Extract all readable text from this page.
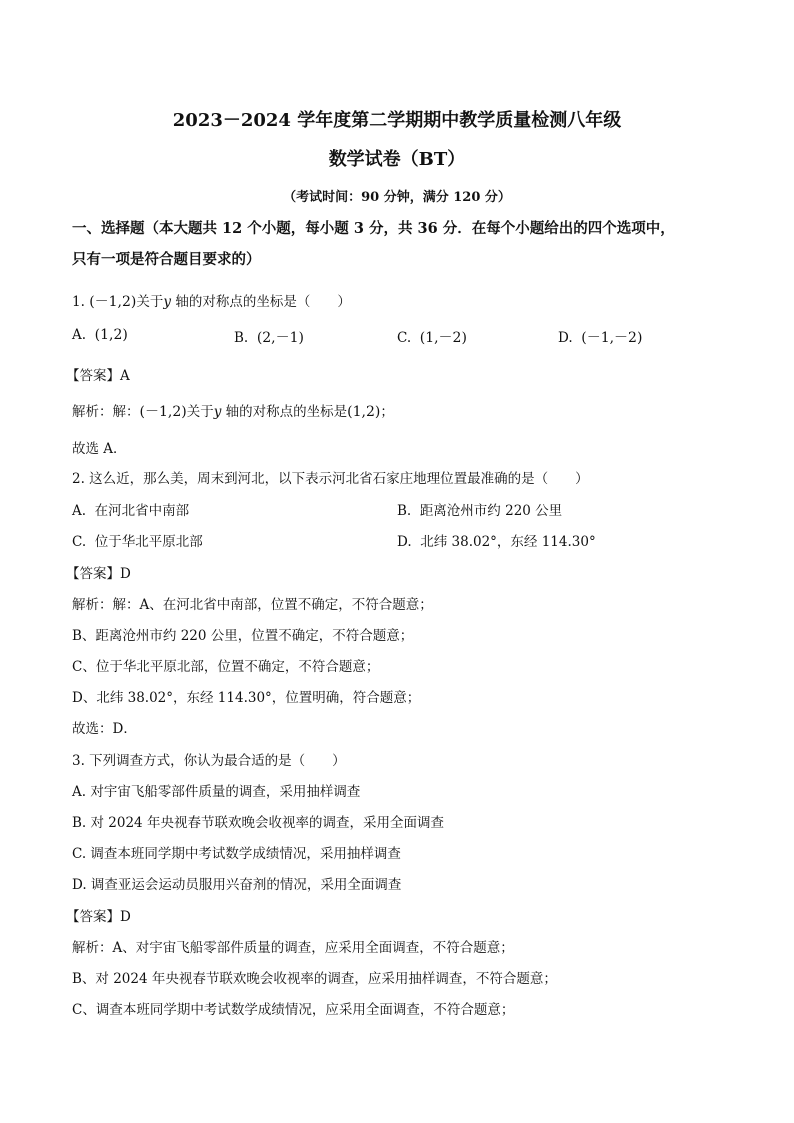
2023－2024 学年度第二学期期中教学质量检测八年级
数学试卷（BT）
（考试时间：90 分钟，满分 120 分）
一、选择题（本大题共 12 个小题，每小题 3 分，共 36 分．在每个小题给出的四个选项中，
只有一项是符合题目要求的）
1. (－1,2)关于y 轴的对称点的坐标是（　　）
A. (1,2)	B. (2,－1)	C. (1,－2)	D. (－1,－2)
【答案】A
解析：解：(－1,2)关于y 轴的对称点的坐标是(1,2)；
故选 A．
2. 这么近，那么美，周末到河北，以下表示河北省石家庄地理位置最准确的是（　　）
A. 在河北省中南部	B. 距离沧州市约 220 公里
C. 位于华北平原北部	D. 北纬 38.02°，东经 114.30°
【答案】D
解析：解：A、在河北省中南部，位置不确定，不符合题意；
B、距离沧州市约 220 公里，位置不确定，不符合题意；
C、位于华北平原北部，位置不确定，不符合题意；
D、北纬 38.02°，东经 114.30°，位置明确，符合题意；
故选：D．
3. 下列调查方式，你认为最合适的是（　　）
A. 对宇宙飞船零部件质量的调查，采用抽样调查
B. 对 2024 年央视春节联欢晚会收视率的调查，采用全面调查
C. 调查本班同学期中考试数学成绩情况，采用抽样调查
D. 调查亚运会运动员服用兴奋剂的情况，采用全面调查
【答案】D
解析：A、对宇宙飞船零部件质量的调查，应采用全面调查，不符合题意；
B、对 2024 年央视春节联欢晚会收视率的调查，应采用抽样调查，不符合题意；
C、调查本班同学期中考试数学成绩情况，应采用全面调查，不符合题意；
